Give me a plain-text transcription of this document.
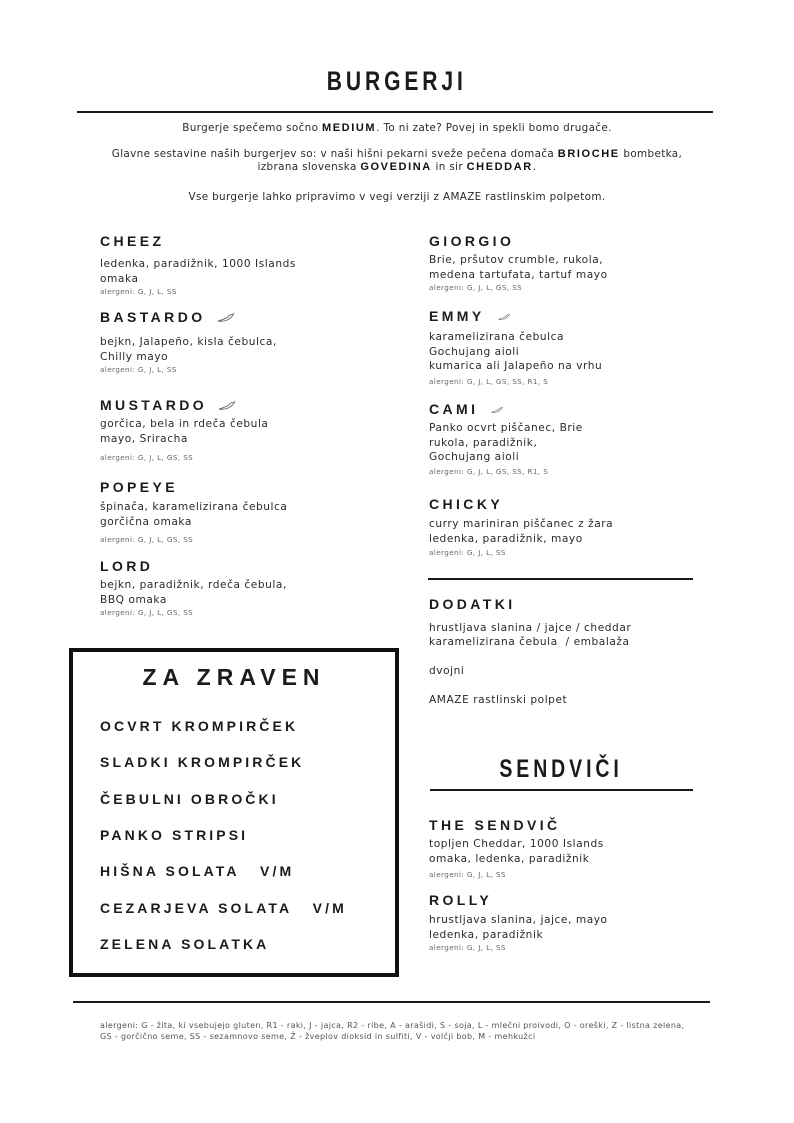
BURGERJI
Burgerje spečemo sočno MEDIUM. To ni zate? Povej in spekli bomo drugače.
Glavne sestavine naših burgerjev so: v naši hišni pekarni sveže pečena domača BRIOCHE bombetka,
izbrana slovenska GOVEDINA in sir CHEDDAR.
Vse burgerje lahko pripravimo v vegi verziji z AMAZE rastlinskim polpetom.
CHEEZ
ledenka, paradižnik, 1000 Islands
omaka
alergeni: G, J, L, SS
BASTARDO
bejkn, Jalapeño, kisla čebulca,
Chilly mayo
alergeni: G, J, L, SS
MUSTARDO
gorčica, bela in rdeča čebula
mayo, Sriracha
alergeni: G, J, L, GS, SS
POPEYE
špinača, karamelizirana čebulca
gorčična omaka
alergeni: G, J, L, GS, SS
LORD
bejkn, paradižnik, rdeča čebula,
BBQ omaka
alergeni: G, J, L, GS, SS
GIORGIO
Brie, pršutov crumble, rukola,
medena tartufata, tartuf mayo
alergeni: G, J, L, GS, SS
EMMY
karamelizirana čebulca
Gochujang aioli
kumarica ali Jalapeño na vrhu
alergeni: G, J, L, GS, SS, R1, S
CAMI
Panko ocvrt piščanec, Brie
rukola, paradižnik,
Gochujang aioli
alergeni: G, J, L, GS, SS, R1, S
CHICKY
curry mariniran piščanec z žara
ledenka, paradižnik, mayo
alergeni: G, J, L, SS
DODATKI
hrustljava slanina / jajce / cheddar
karamelizirana čebula  / embalaža
dvojni
AMAZE rastlinski polpet
ZA ZRAVEN
OCVRT KROMPIRČEK
SLADKI KROMPIRČEK
ČEBULNI OBROČKI
PANKO STRIPSI
HIŠNA SOLATA   V/M
CEZARJEVA SOLATA   V/M
ZELENA SOLATKA
SENDVIČI
THE SENDVIČ
topljen Cheddar, 1000 Islands
omaka, ledenka, paradižnik
alergeni: G, J, L, SS
ROLLY
hrustljava slanina, jajce, mayo
ledenka, paradižnik
alergeni: G, J, L, SS
alergeni: G - žita, ki vsebujejo gluten, R1 - raki, J - jajca, R2 - ribe, A - arašidi, S - soja, L - mlečni proivodi, O - oreški, Z - listna zelena,
GS - gorčično seme, SS - sezamnovo seme, Ž - žveplov dioksid in sulfiti, V - volčji bob, M - mehkužci
